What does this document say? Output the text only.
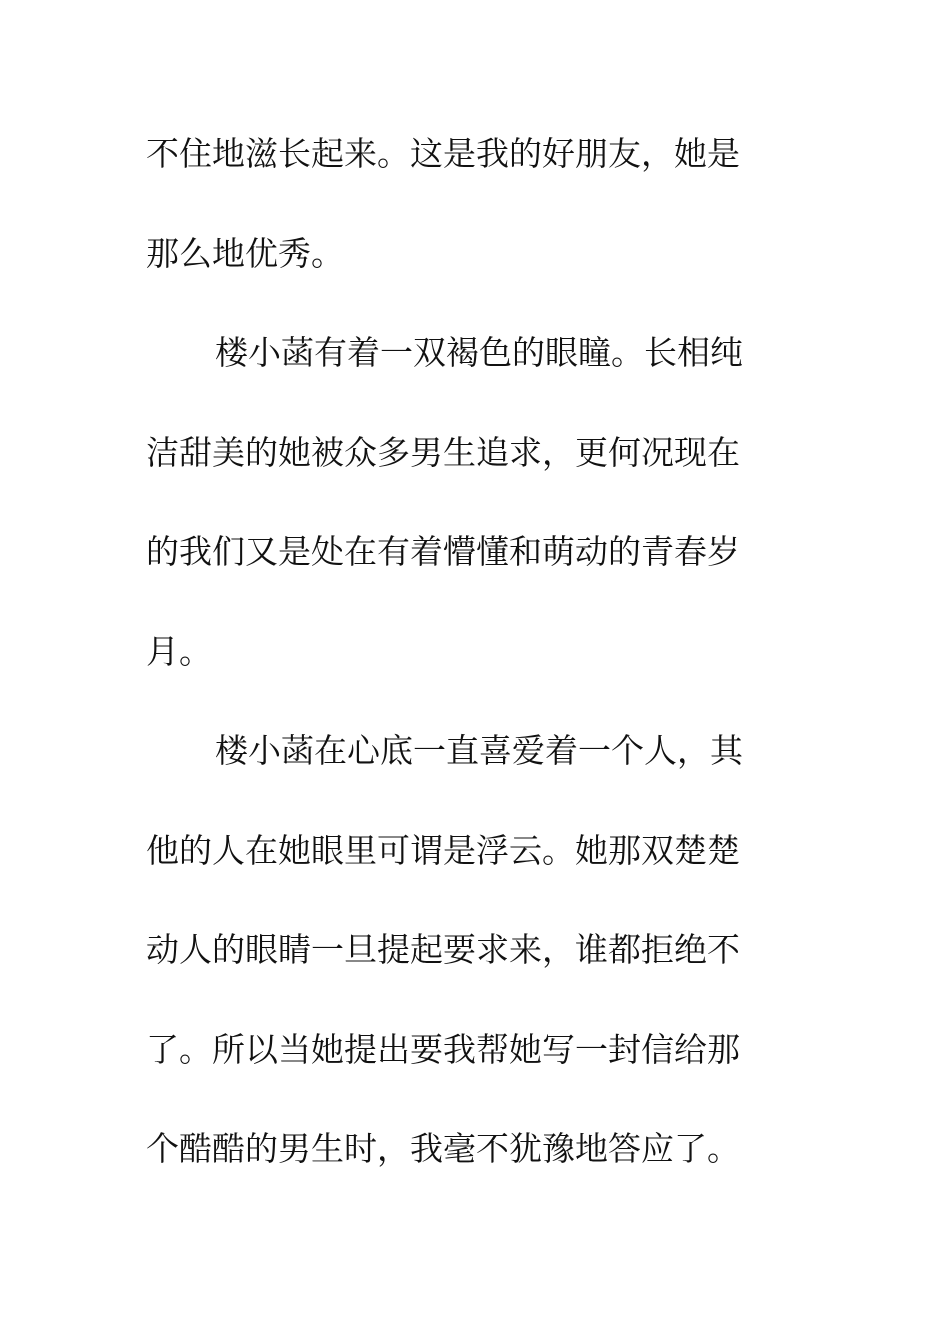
不住地滋长起来。这是我的好朋友，她是
那么地优秀。
楼小菡有着一双褐色的眼瞳。长相纯
洁甜美的她被众多男生追求，更何况现在
的我们又是处在有着懵懂和萌动的青春岁
月。
楼小菡在心底一直喜爱着一个人，其
他的人在她眼里可谓是浮云。她那双楚楚
动人的眼睛一旦提起要求来，谁都拒绝不
了。所以当她提出要我帮她写一封信给那
个酷酷的男生时，我毫不犹豫地答应了。
